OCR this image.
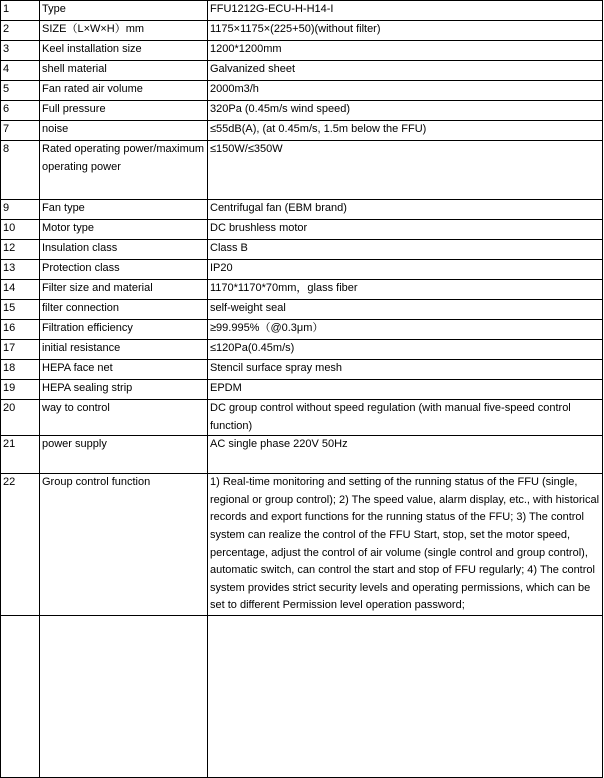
1	Type	FFU1212G-ECU-H-H14-I
2	SIZE（L×W×H）mm	1175×1175×(225+50)(without filter)
3	Keel installation size	1200*1200mm
4	shell material	Galvanized sheet
5	Fan rated air volume	2000m3/h
6	Full pressure	320Pa (0.45m/s wind speed)
7	noise	≤55dB(A), (at 0.45m/s, 1.5m below the FFU)
8	Rated operating power/maximum operating power	≤150W/≤350W
9	Fan type	Centrifugal fan (EBM brand)
10	Motor type	DC brushless motor
12	Insulation class	Class B
13	Protection class	IP20
14	Filter size and material	1170*1170*70mm，glass fiber
15	filter connection	self-weight seal
16	Filtration efficiency	≥99.995%（@0.3μm）
17	initial resistance	≤120Pa(0.45m/s)
18	HEPA face net	Stencil surface spray mesh
19	HEPA sealing strip	EPDM
20	way to control	DC group control without speed regulation (with manual five-speed control function)
21	power supply	AC single phase 220V 50Hz
22	Group control function	1) Real-time monitoring and setting of the running status of the FFU (single, regional or group control); 2) The speed value, alarm display, etc., with historical records and export functions for the running status of the FFU; 3) The control system can realize the control of the FFU Start, stop, set the motor speed, percentage, adjust the control of air volume (single control and group control), automatic switch, can control the start and stop of FFU regularly; 4) The control system provides strict security levels and operating permissions, which can be set to different Permission level operation password;
